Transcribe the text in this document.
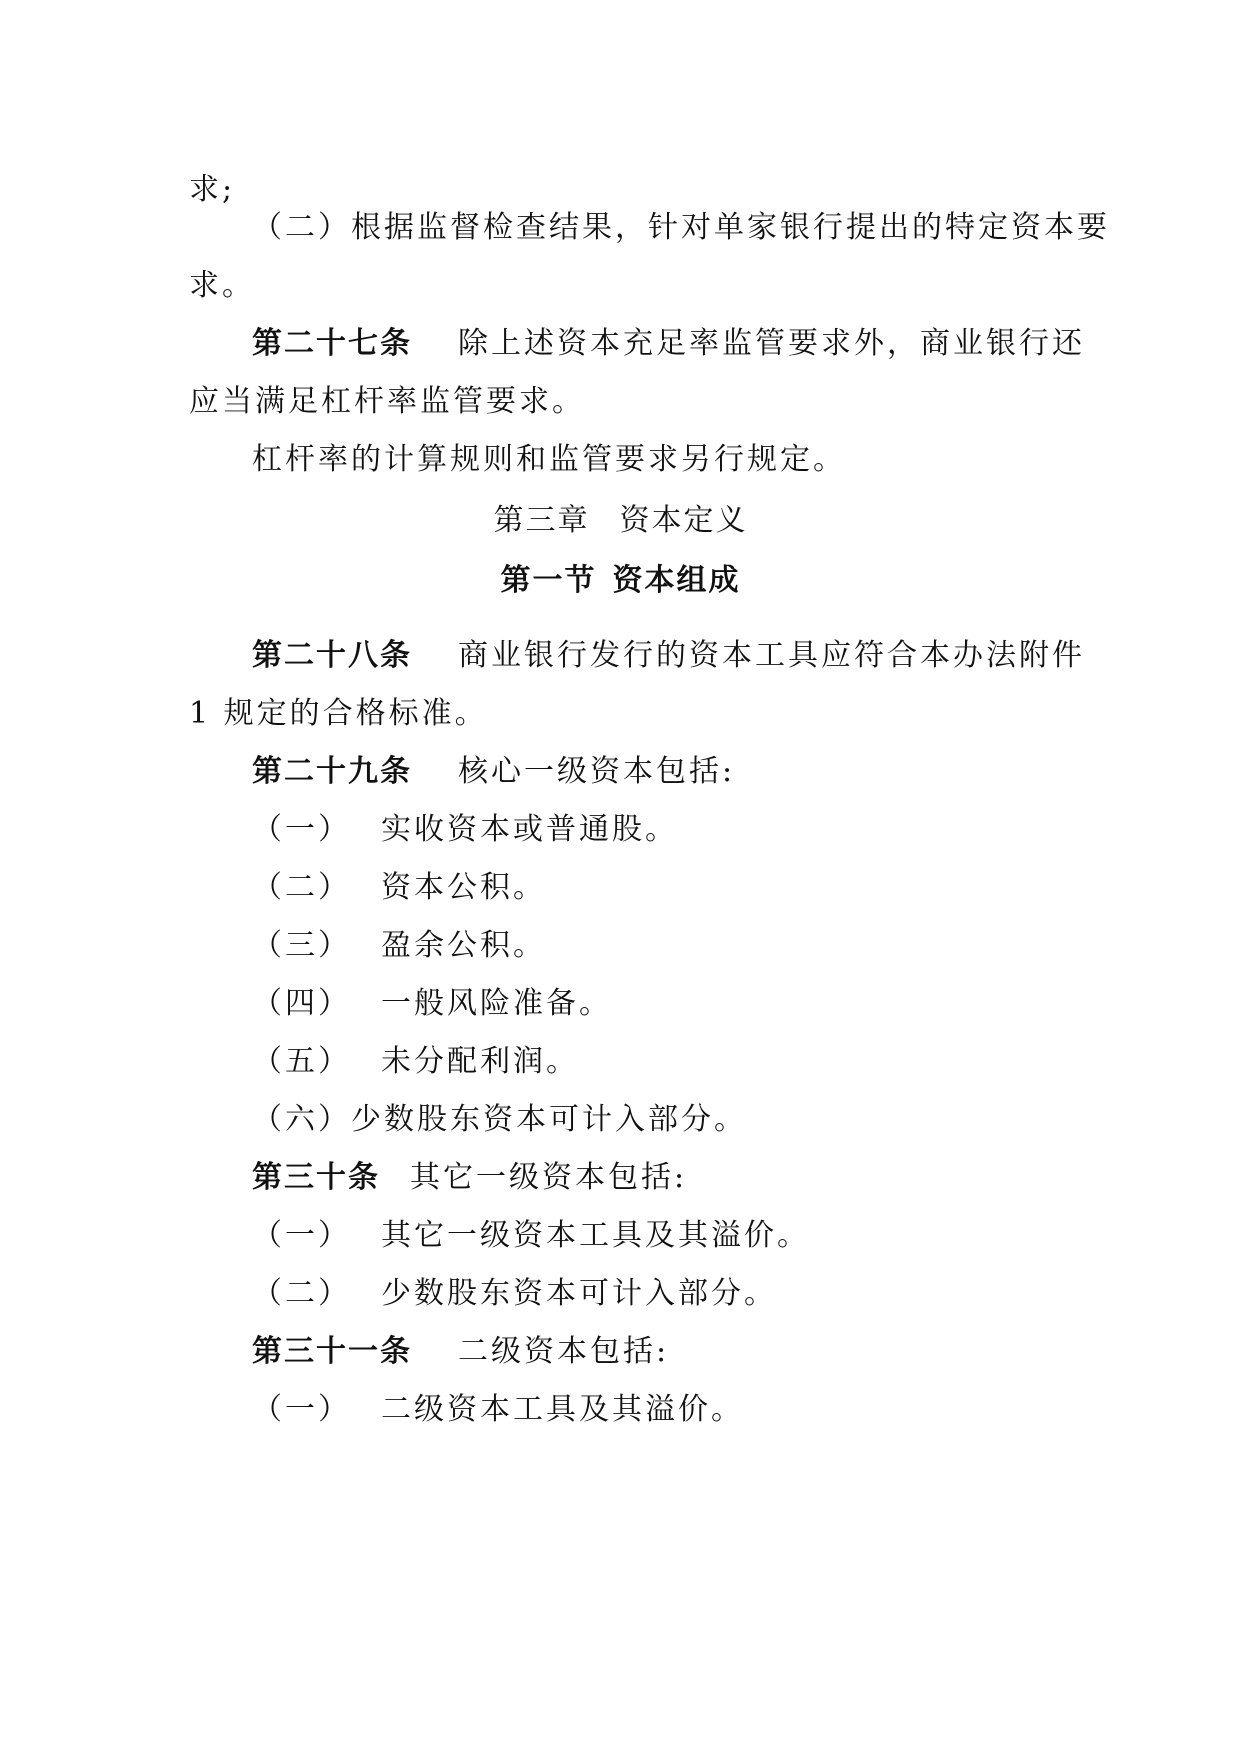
求;
（二）根据监督检查结果，针对单家银行提出的特定资本要
求。
第二十七条 除上述资本充足率监管要求外，商业银行还
应当满足杠杆率监管要求。
杠杆率的计算规则和监管要求另行规定。
第三章 资本定义
第一节 资本组成
第二十八条 商业银行发行的资本工具应符合本办法附件
1 规定的合格标准。
第二十九条 核心一级资本包括:
（一） 实收资本或普通股。
（二） 资本公积。
（三） 盈余公积。
（四） 一般风险准备。
（五） 未分配利润。
（六）少数股东资本可计入部分。
第三十条 其它一级资本包括:
（一） 其它一级资本工具及其溢价。
（二） 少数股东资本可计入部分。
第三十一条 二级资本包括:
（一） 二级资本工具及其溢价。
